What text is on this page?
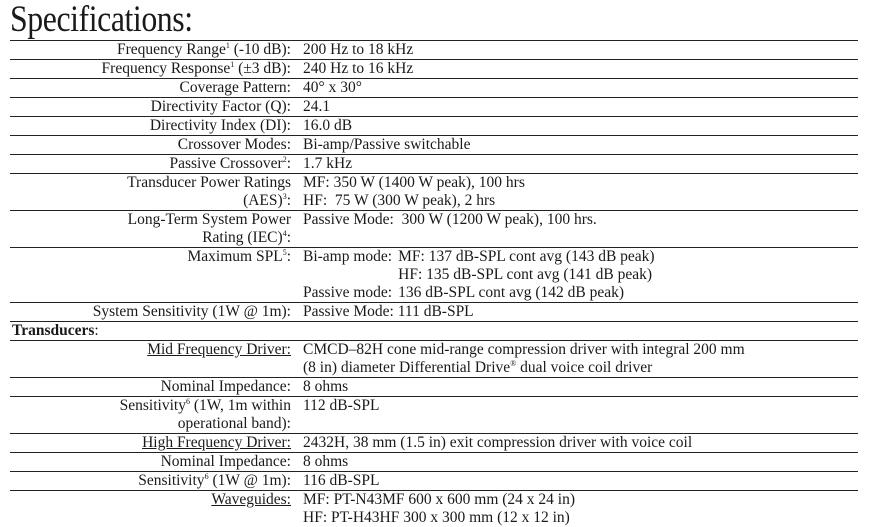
Specifications:
Frequency Range$^1$ (-10 dB):	200 Hz to 18 kHz
Frequency Response$^1$ (±3 dB):	240 Hz to 16 kHz
Coverage Pattern:	40° x 30°
Directivity Factor (Q):	24.1
Directivity Index (DI):	16.0 dB
Crossover Modes:	Bi-amp/Passive switchable
Passive Crossover$^2$:	1.7 kHz
Transducer Power Ratings
(AES)$^3$:	MF: 350 W (1400 W peak), 100 hrs
HF:  75 W (300 W peak), 2 hrs
Long-Term System Power
Rating (IEC)$^4$:	Passive Mode:  300 W (1200 W peak), 100 hrs.
Maximum SPL$^5$:	Bi-amp mode: MF: 137 dB-SPL cont avg (143 dB peak)
HF: 135 dB-SPL cont avg (141 dB peak)
Passive mode: 136 dB-SPL cont avg (142 dB peak)

System Sensitivity (1W @ 1m):	Passive Mode: 111 dB-SPL
Transducers:	
Mid Frequency Driver:	CMCD–82H cone mid-range compression driver with integral 200 mm
(8 in) diameter Differential Drive® dual voice coil driver
Nominal Impedance:	8 ohms
Sensitivity$^6$ (1W, 1m within
operational band):	112 dB-SPL
High Frequency Driver:	2432H, 38 mm (1.5 in) exit compression driver with voice coil
Nominal Impedance:	8 ohms
Sensitivity$^6$ (1W @ 1m):	116 dB-SPL
Waveguides:	MF: PT-N43MF 600 x 600 mm (24 x 24 in)
HF: PT-H43HF 300 x 300 mm (12 x 12 in)
